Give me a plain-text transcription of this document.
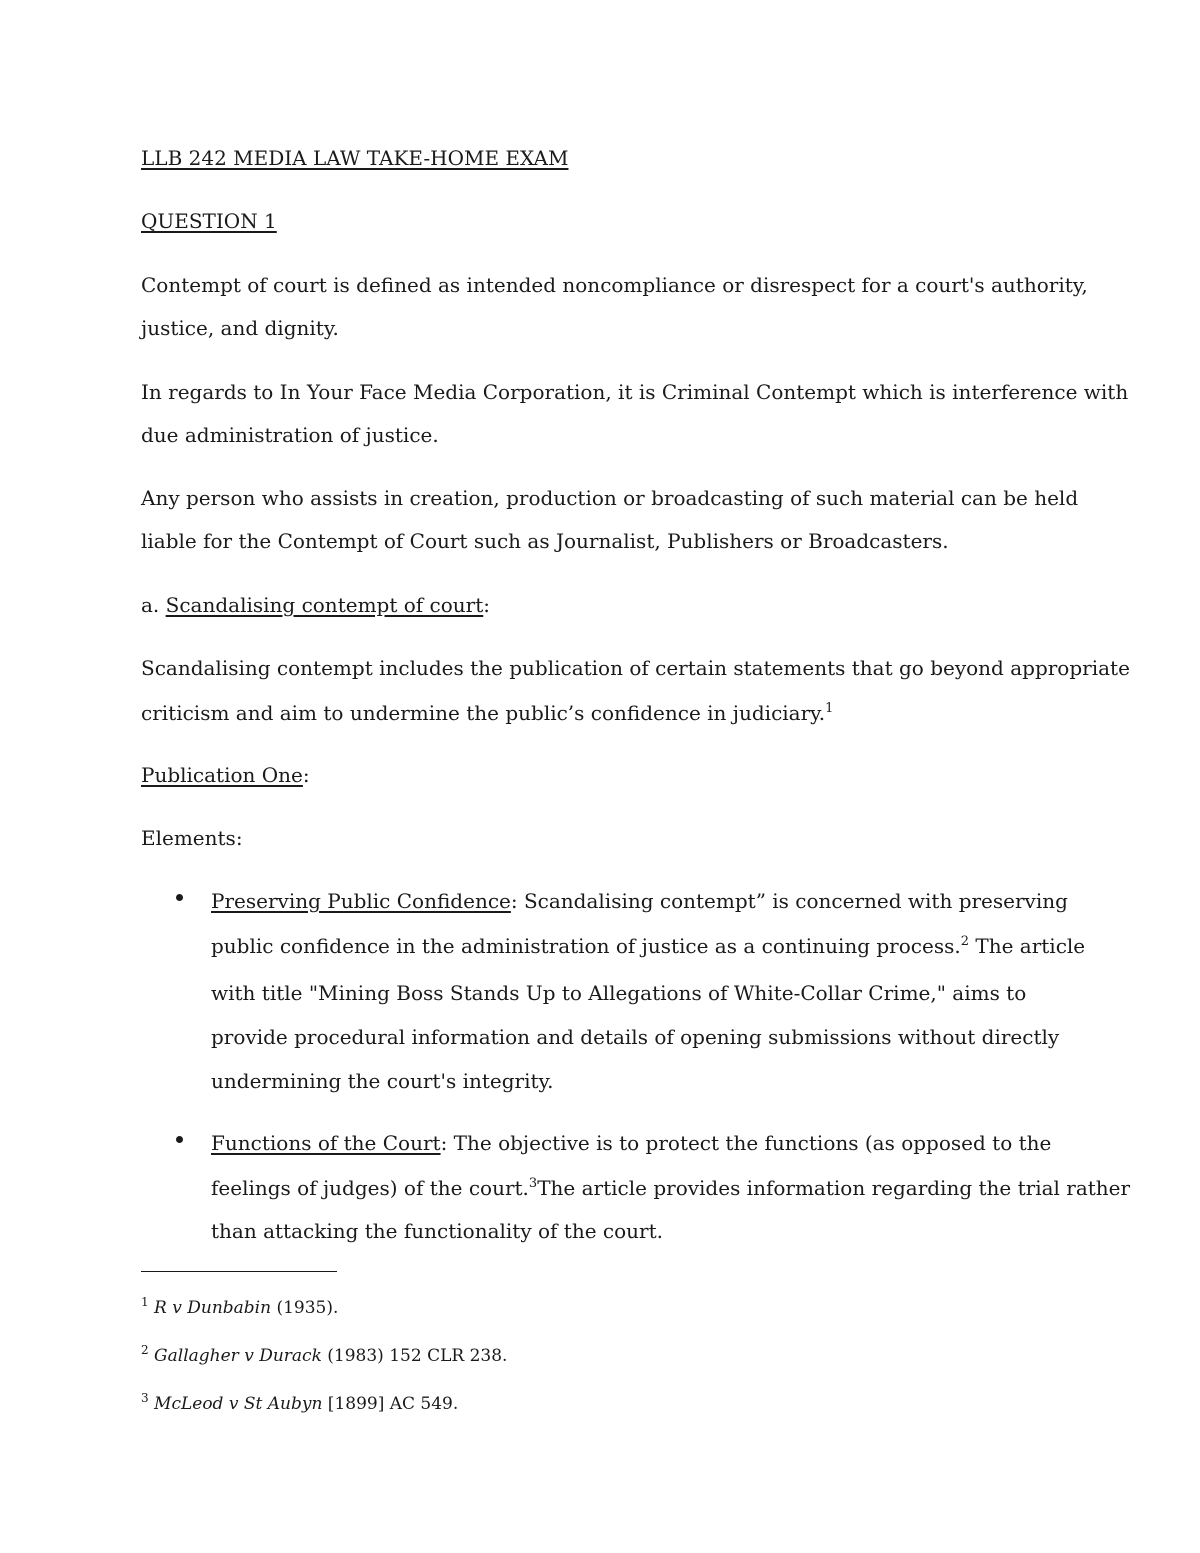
LLB 242 MEDIA LAW TAKE-HOME EXAM
QUESTION 1
Contempt of court is defined as intended noncompliance or disrespect for a court's authority,
justice, and dignity.
In regards to In Your Face Media Corporation, it is Criminal Contempt which is interference with
due administration of justice.
Any person who assists in creation, production or broadcasting of such material can be held
liable for the Contempt of Court such as Journalist, Publishers or Broadcasters.
a. Scandalising contempt of court:
Scandalising contempt includes the publication of certain statements that go beyond appropriate
criticism and aim to undermine the public’s confidence in judiciary.$^1$
Publication One:
Elements:
Preserving Public Confidence: Scandalising contempt” is concerned with preserving
public confidence in the administration of justice as a continuing process.$^2$ The article
with title "Mining Boss Stands Up to Allegations of White-Collar Crime," aims to
provide procedural information and details of opening submissions without directly
undermining the court's integrity.
Functions of the Court: The objective is to protect the functions (as opposed to the
feelings of judges) of the court.$^3$The article provides information regarding the trial rather
than attacking the functionality of the court.
$^1$ R v Dunbabin (1935).
$^2$ Gallagher v Durack (1983) 152 CLR 238.
$^3$ McLeod v St Aubyn [1899] AC 549.
